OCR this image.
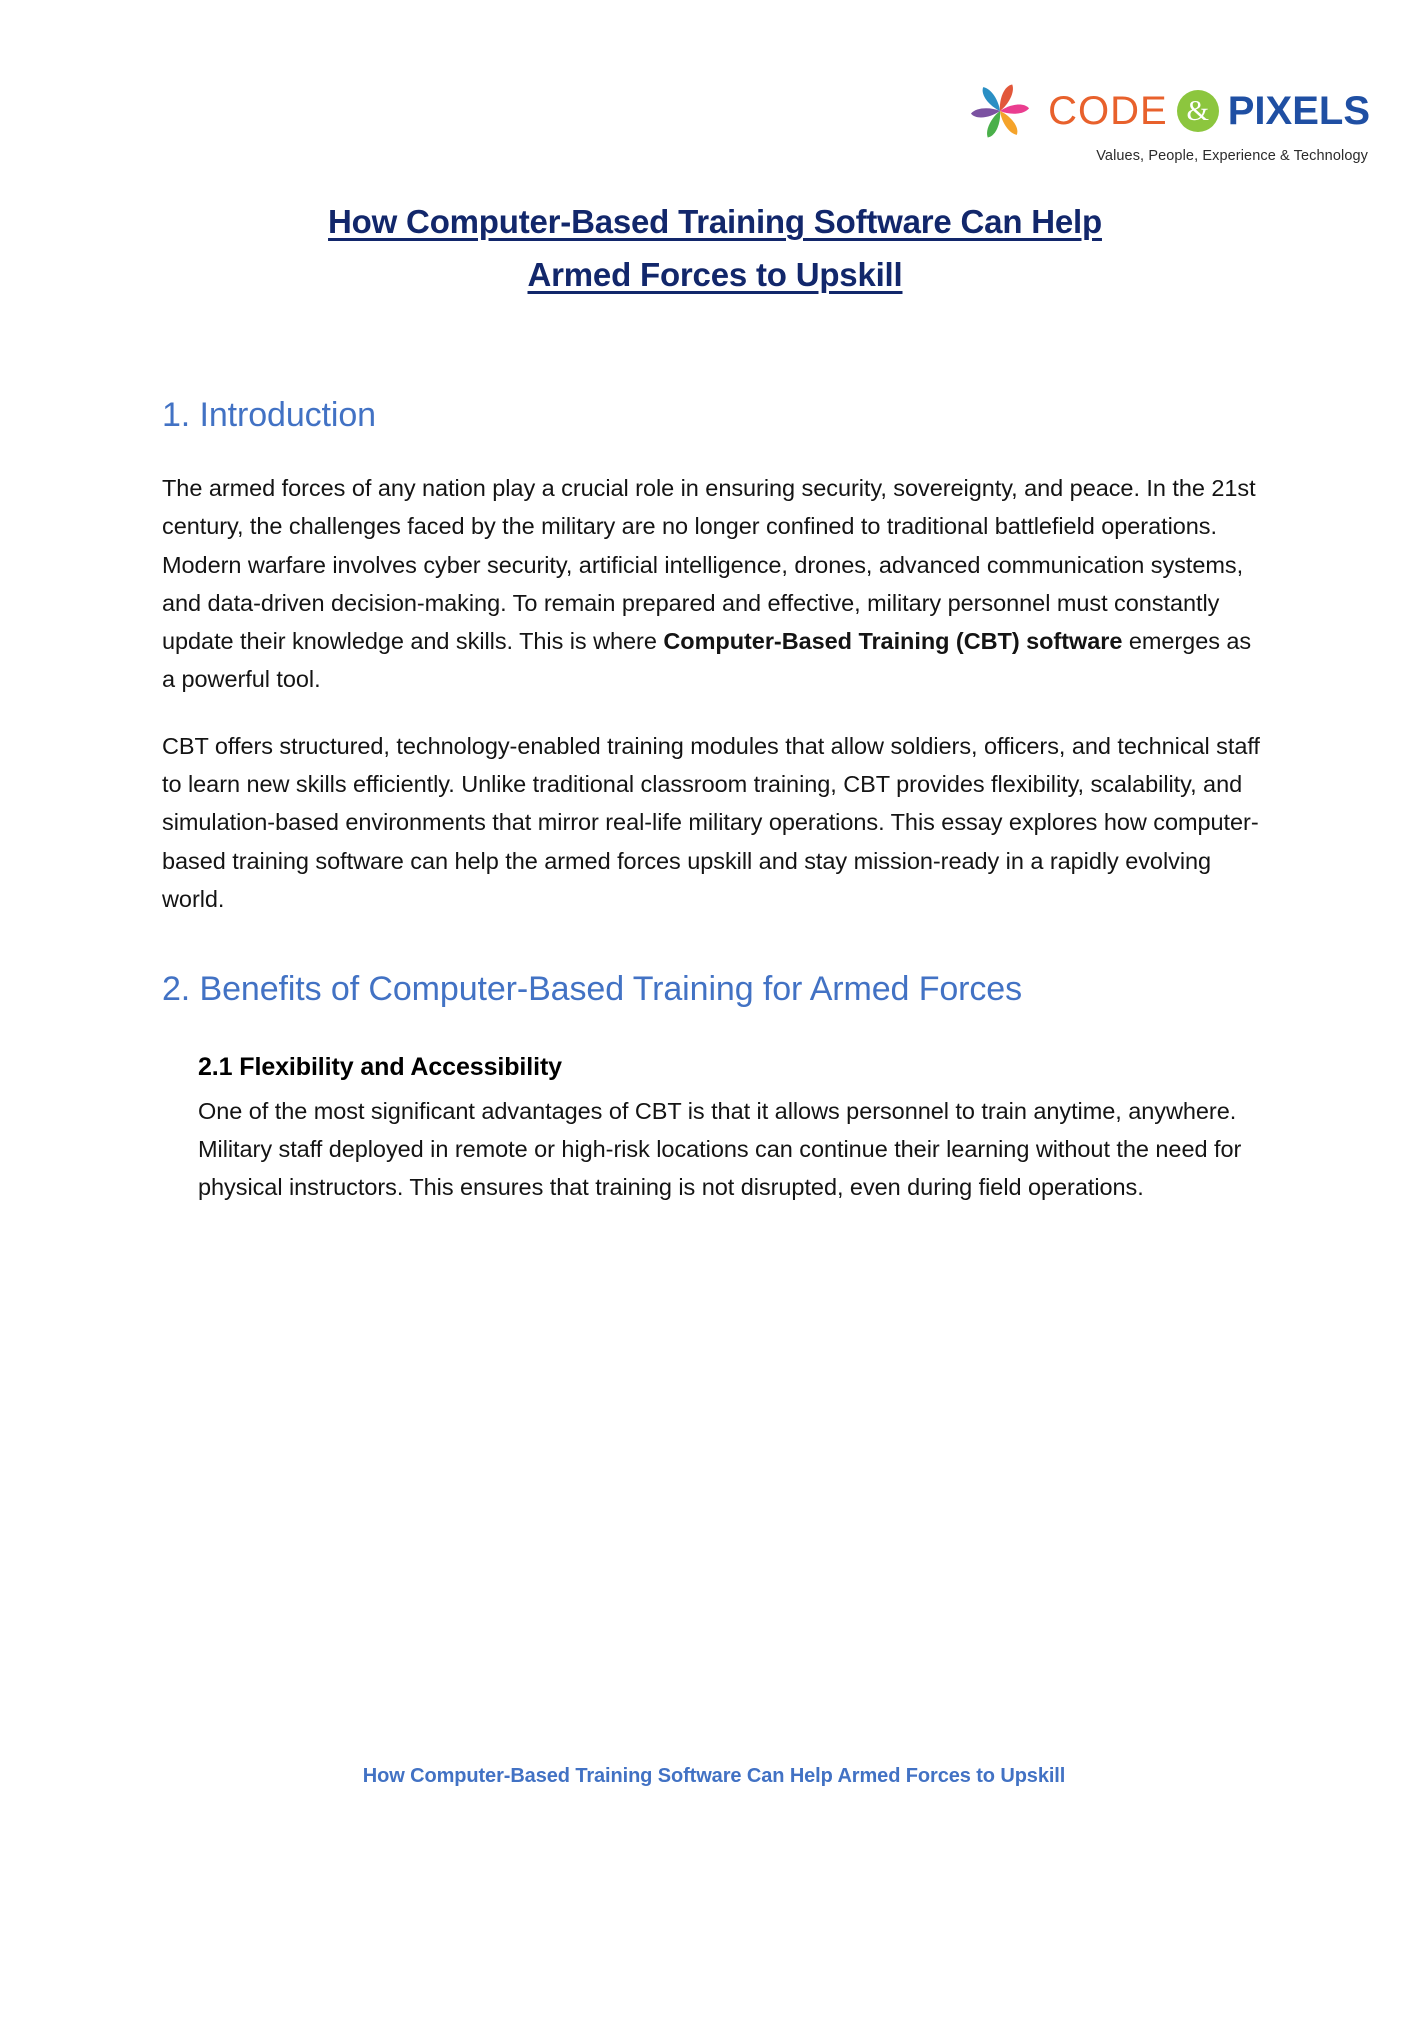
CODE & PIXELS
Values, People, Experience & Technology
How Computer-Based Training Software Can Help
Armed Forces to Upskill
1. Introduction

The armed forces of any nation play a crucial role in ensuring security, sovereignty, and peace. In the 21st century, the challenges faced by the military are no longer confined to traditional battlefield operations. Modern warfare involves cyber security, artificial intelligence, drones, advanced communication systems, and data-driven decision-making. To remain prepared and effective, military personnel must constantly update their knowledge and skills. This is where Computer-Based Training (CBT) software emerges as a powerful tool.

CBT offers structured, technology-enabled training modules that allow soldiers, officers, and technical staff to learn new skills efficiently. Unlike traditional classroom training, CBT provides flexibility, scalability, and simulation-based environments that mirror real-life military operations. This essay explores how computer-based training software can help the armed forces upskill and stay mission-ready in a rapidly evolving world.

2. Benefits of Computer-Based Training for Armed Forces
2.1 Flexibility and Accessibility

One of the most significant advantages of CBT is that it allows personnel to train anytime, anywhere. Military staff deployed in remote or high-risk locations can continue their learning without the need for physical instructors. This ensures that training is not disrupted, even during field operations.

How Computer-Based Training Software Can Help Armed Forces to Upskill
